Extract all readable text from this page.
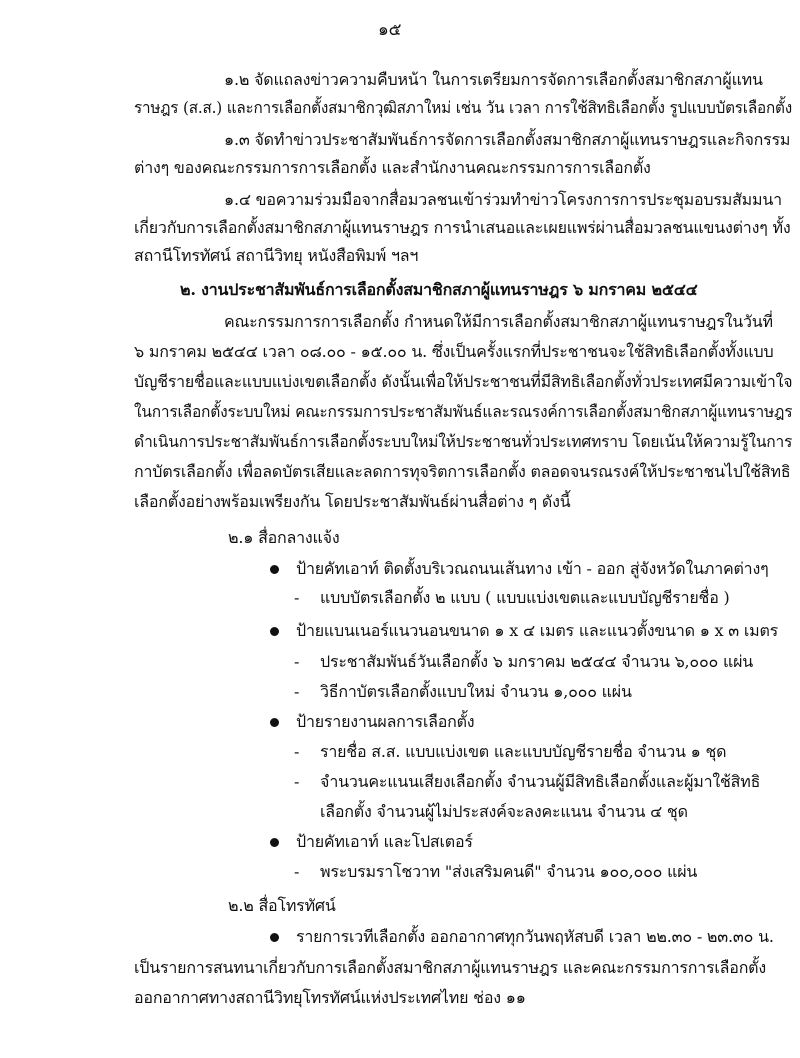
๑๕
๑.๒ จัดแถลงข่าวความคืบหน้า ในการเตรียมการจัดการเลือกตั้งสมาชิกสภาผู้แทน
ราษฎร (ส.ส.) และการเลือกตั้งสมาชิกวุฒิสภาใหม่ เช่น วัน เวลา การใช้สิทธิเลือกตั้ง รูปแบบบัตรเลือกตั้ง
๑.๓ จัดทำข่าวประชาสัมพันธ์การจัดการเลือกตั้งสมาชิกสภาผู้แทนราษฎรและกิจกรรม
ต่างๆ ของคณะกรรมการการเลือกตั้ง และสำนักงานคณะกรรมการการเลือกตั้ง
๑.๔ ขอความร่วมมือจากสื่อมวลชนเข้าร่วมทำข่าวโครงการการประชุมอบรมสัมมนา
เกี่ยวกับการเลือกตั้งสมาชิกสภาผู้แทนราษฎร การนำเสนอและเผยแพร่ผ่านสื่อมวลชนแขนงต่างๆ ทั้ง
สถานีโทรทัศน์ สถานีวิทยุ หนังสือพิมพ์ ฯลฯ
๒. งานประชาสัมพันธ์การเลือกตั้งสมาชิกสภาผู้แทนราษฎร ๖ มกราคม ๒๕๔๔
คณะกรรมการการเลือกตั้ง กำหนดให้มีการเลือกตั้งสมาชิกสภาผู้แทนราษฎรในวันที่
๖ มกราคม ๒๕๔๔ เวลา ๐๘.๐๐ - ๑๕.๐๐ น. ซึ่งเป็นครั้งแรกที่ประชาชนจะใช้สิทธิเลือกตั้งทั้งแบบ
บัญชีรายชื่อและแบบแบ่งเขตเลือกตั้ง ดังนั้นเพื่อให้ประชาชนที่มีสิทธิเลือกตั้งทั่วประเทศมีความเข้าใจ
ในการเลือกตั้งระบบใหม่ คณะกรรมการประชาสัมพันธ์และรณรงค์การเลือกตั้งสมาชิกสภาผู้แทนราษฎร
ดำเนินการประชาสัมพันธ์การเลือกตั้งระบบใหม่ให้ประชาชนทั่วประเทศทราบ โดยเน้นให้ความรู้ในการ
กาบัตรเลือกตั้ง เพื่อลดบัตรเสียและลดการทุจริตการเลือกตั้ง ตลอดจนรณรงค์ให้ประชาชนไปใช้สิทธิ
เลือกตั้งอย่างพร้อมเพรียงกัน โดยประชาสัมพันธ์ผ่านสื่อต่าง ๆ ดังนี้
๒.๑ สื่อกลางแจ้ง
ป้ายคัทเอาท์ ติดตั้งบริเวณถนนเส้นทาง เข้า - ออก สู่จังหวัดในภาคต่างๆ
- แบบบัตรเลือกตั้ง ๒ แบบ ( แบบแบ่งเขตและแบบบัญชีรายชื่อ )
ป้ายแบนเนอร์แนวนอนขนาด ๑ x ๔ เมตร และแนวตั้งขนาด ๑ x ๓ เมตร
- ประชาสัมพันธ์วันเลือกตั้ง ๖ มกราคม ๒๕๔๔ จำนวน ๖,๐๐๐ แผ่น
- วิธีกาบัตรเลือกตั้งแบบใหม่ จำนวน ๑,๐๐๐ แผ่น
ป้ายรายงานผลการเลือกตั้ง
- รายชื่อ ส.ส. แบบแบ่งเขต และแบบบัญชีรายชื่อ จำนวน ๑ ชุด
- จำนวนคะแนนเสียงเลือกตั้ง จำนวนผู้มีสิทธิเลือกตั้งและผู้มาใช้สิทธิ
เลือกตั้ง จำนวนผู้ไม่ประสงค์จะลงคะแนน จำนวน ๔ ชุด
ป้ายคัทเอาท์ และโปสเตอร์
- พระบรมราโชวาท "ส่งเสริมคนดี" จำนวน ๑๐๐,๐๐๐ แผ่น
๒.๒ สื่อโทรทัศน์
รายการเวทีเลือกตั้ง ออกอากาศทุกวันพฤหัสบดี เวลา ๒๒.๓๐ - ๒๓.๓๐ น.
เป็นรายการสนทนาเกี่ยวกับการเลือกตั้งสมาชิกสภาผู้แทนราษฎร และคณะกรรมการการเลือกตั้ง
ออกอากาศทางสถานีวิทยุโทรทัศน์แห่งประเทศไทย ช่อง ๑๑
